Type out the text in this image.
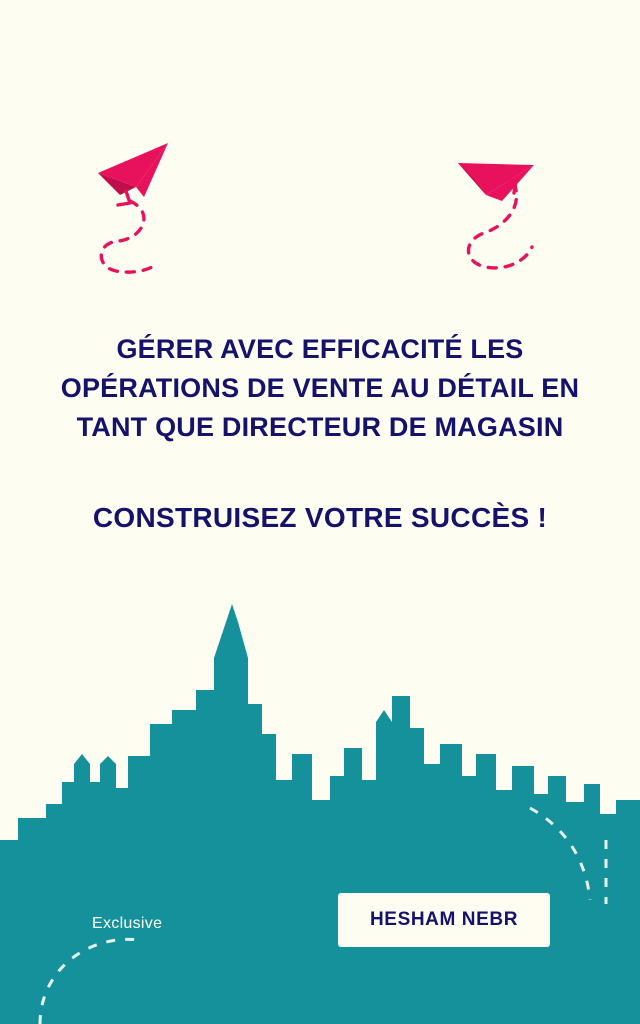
GÉRER AVEC EFFICACITÉ LES
OPÉRATIONS DE VENTE AU DÉTAIL EN
TANT QUE DIRECTEUR DE MAGASIN
CONSTRUISEZ VOTRE SUCCÈS !
Exclusive	HESHAM NEBR
